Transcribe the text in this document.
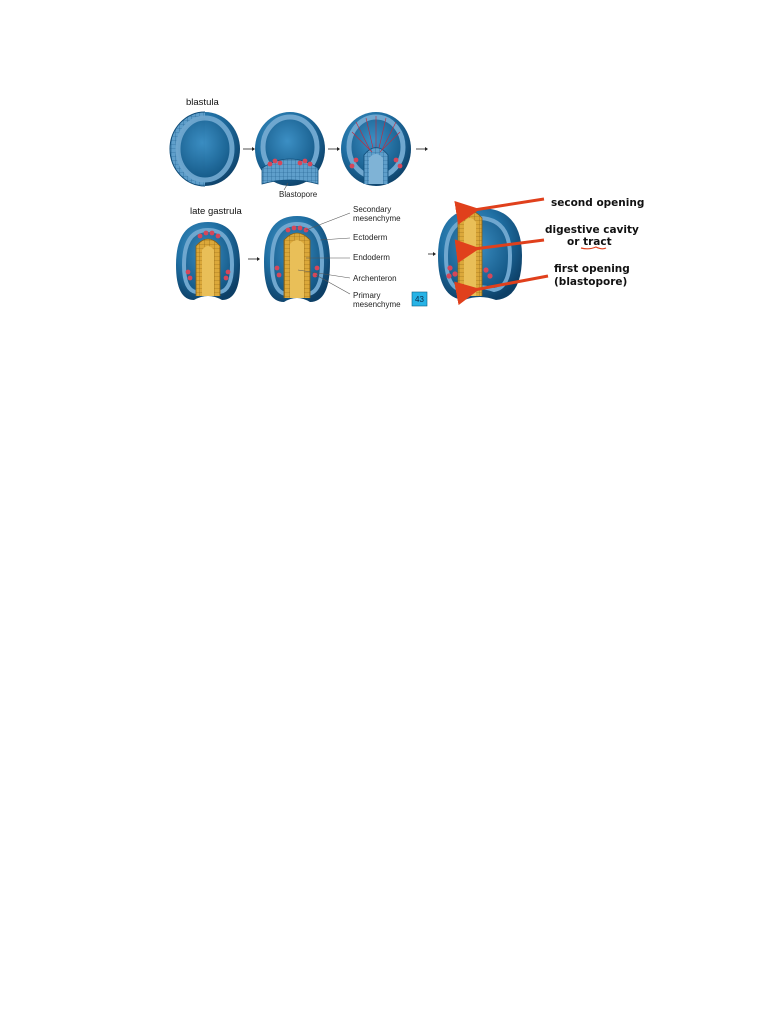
blastula
Blastopore
late gastrula	Secondary
mesenchyme
Ectoderm
Endoderm
Archenteron
Primary
mesenchyme
43
second opening
digestive cavity
or tract
first opening
(blastopore)
